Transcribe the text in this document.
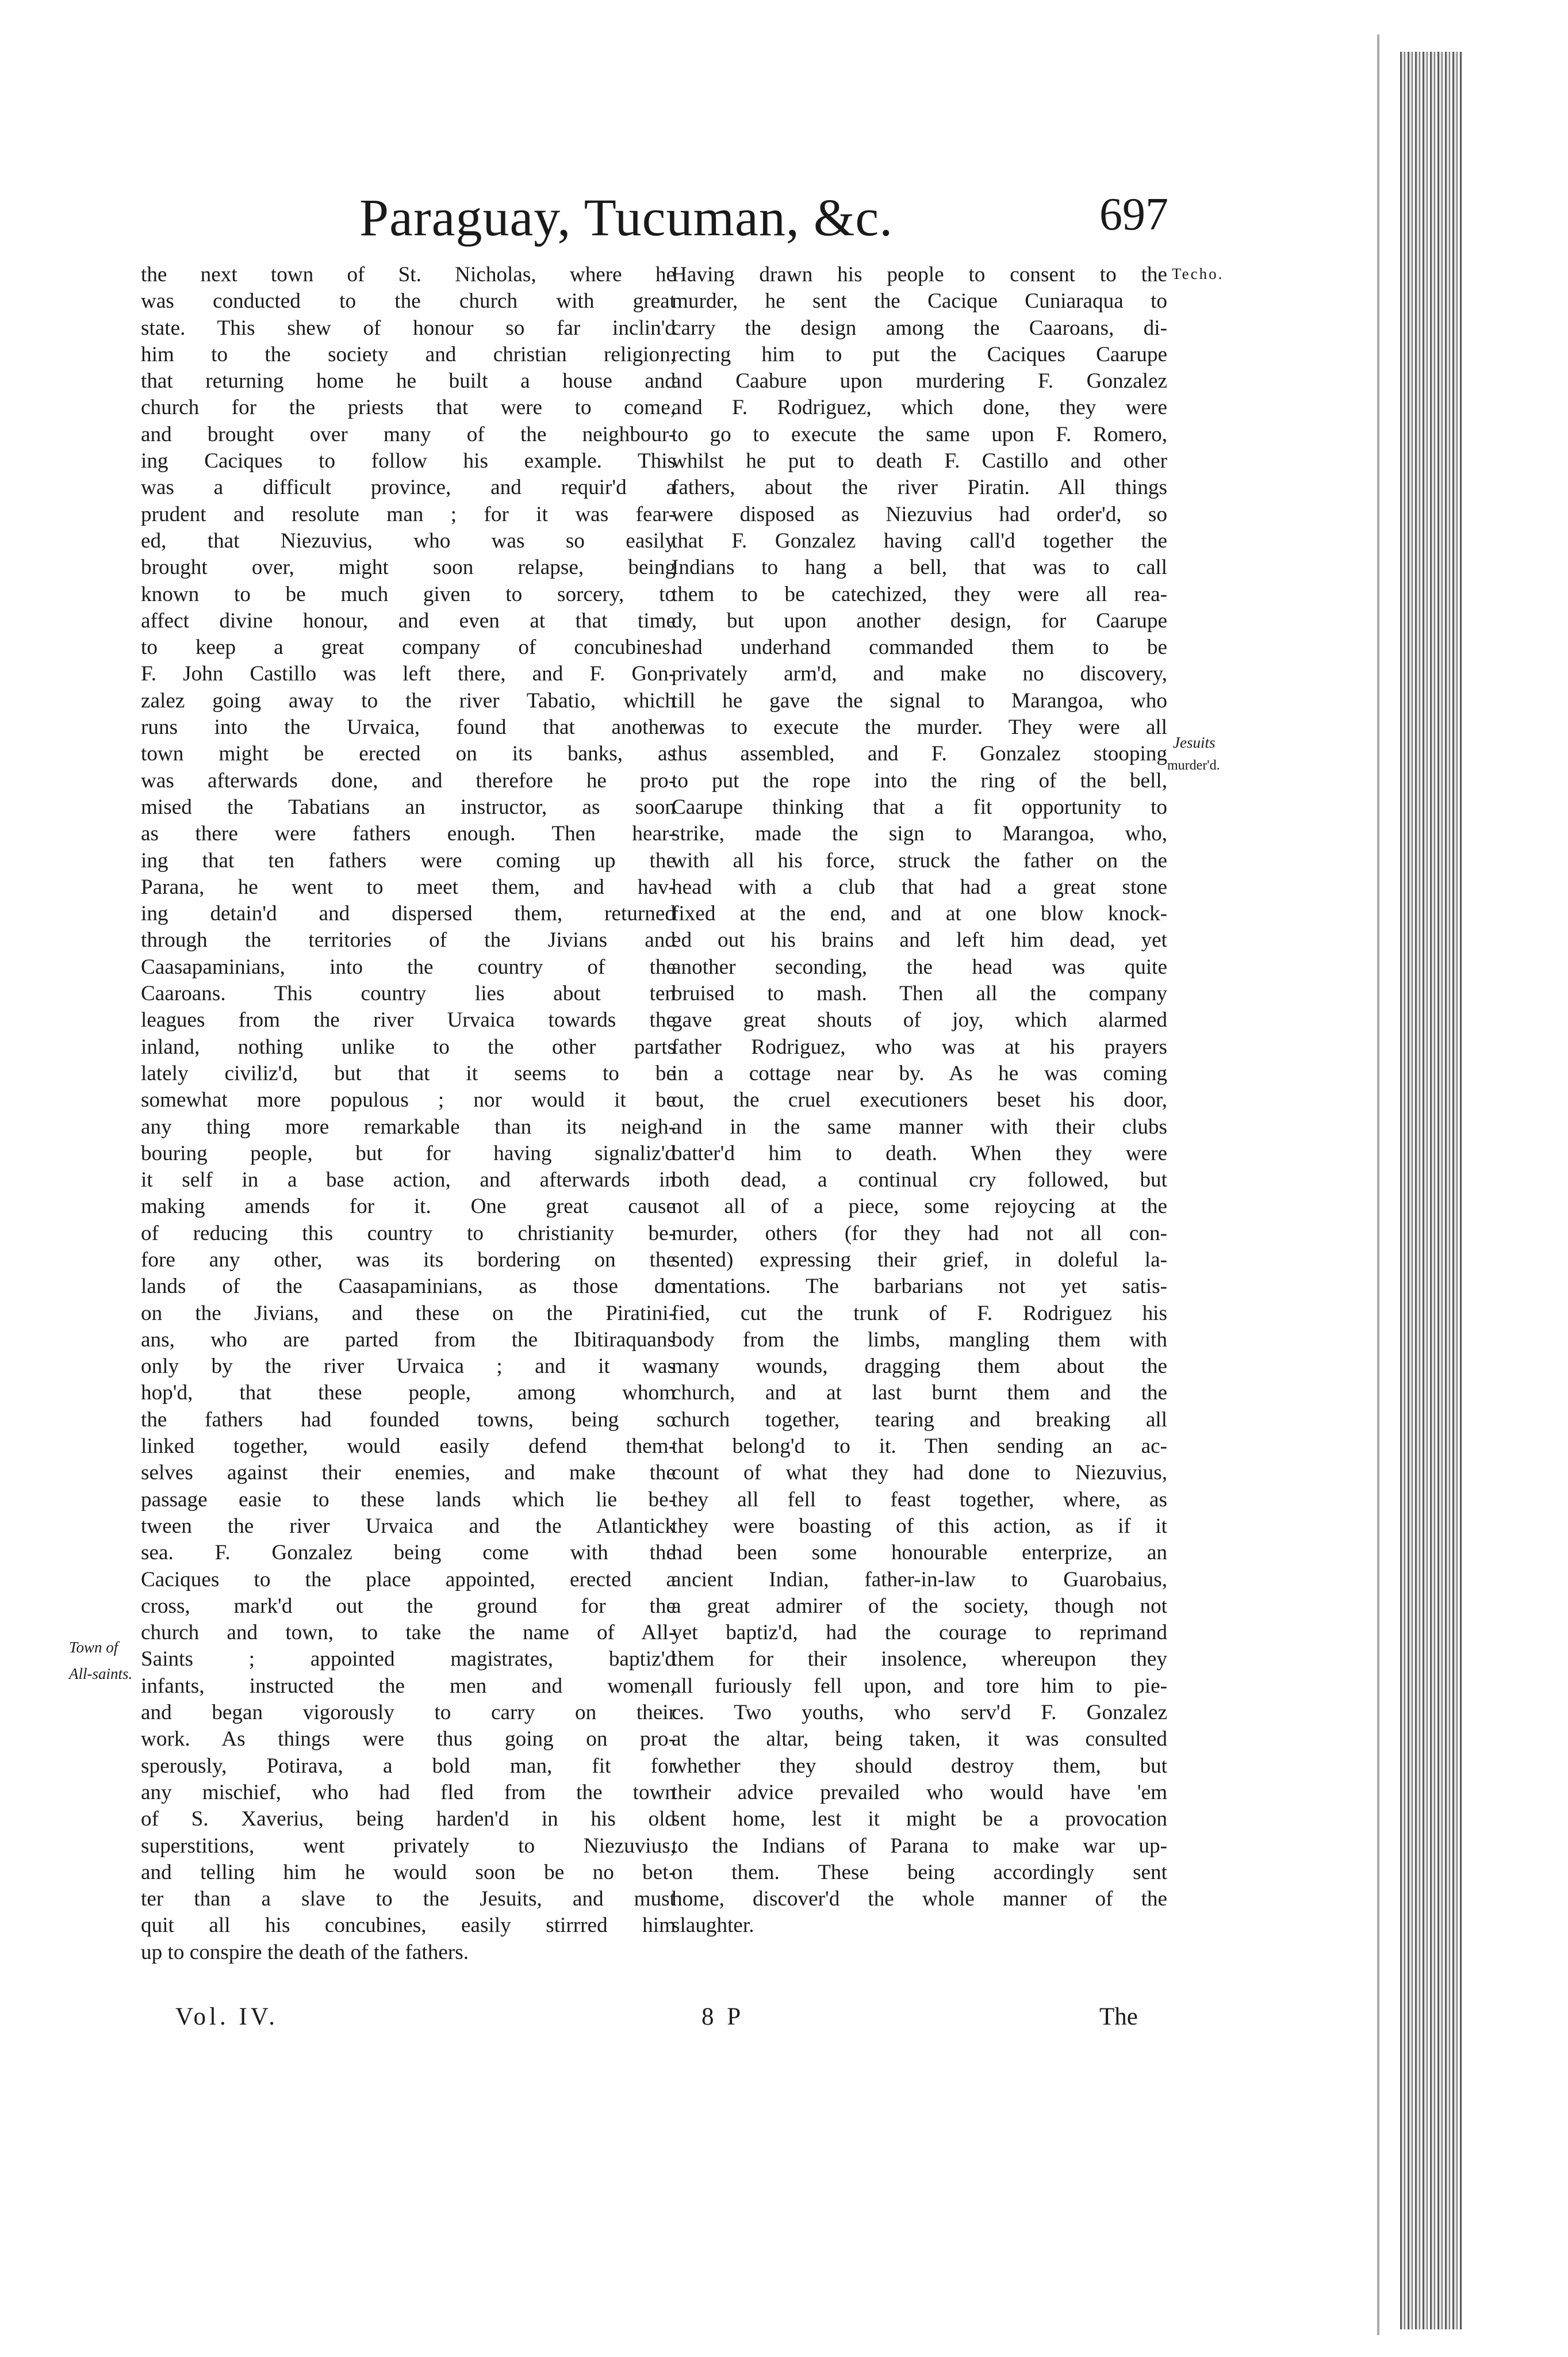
Paraguay, Tucuman, &c.	697

the next town of St. Nicholas, where he

was conducted to the church with great

state. This shew of honour so far inclin'd

him to the society and christian religion,

that returning home he built a house and

church for the priests that were to come,

and brought over many of the neighbour-

ing Caciques to follow his example. This

was a difficult province, and requir'd a

prudent and resolute man ; for it was fear-

ed, that Niezuvius, who was so easily

brought over, might soon relapse, being

known to be much given to sorcery, to

affect divine honour, and even at that time

to keep a great company of concubines.

F. John Castillo was left there, and F. Gon-

zalez going away to the river Tabatio, which

runs into the Urvaica, found that another

town might be erected on its banks, as

was afterwards done, and therefore he pro-

mised the Tabatians an instructor, as soon

as there were fathers enough. Then hear-

ing that ten fathers were coming up the

Parana, he went to meet them, and hav-

ing detain'd and dispersed them, returned

through the territories of the Jivians and

Caasapaminians, into the country of the

Caaroans. This country lies about ten

leagues from the river Urvaica towards the

inland, nothing unlike to the other parts

lately civiliz'd, but that it seems to be

somewhat more populous ; nor would it be

any thing more remarkable than its neigh-

bouring people, but for having signaliz'd

it self in a base action, and afterwards in

making amends for it. One great cause

of reducing this country to christianity be-

fore any other, was its bordering on the

lands of the Caasapaminians, as those do

on the Jivians, and these on the Piratini-

ans, who are parted from the Ibitiraquans

only by the river Urvaica ; and it was

hop'd, that these people, among whom

the fathers had founded towns, being so

linked together, would easily defend them-

selves against their enemies, and make the

passage easie to these lands which lie be-

tween the river Urvaica and the Atlantick

sea. F. Gonzalez being come with the

Caciques to the place appointed, erected a

cross, mark'd out the ground for the

church and town, to take the name of All-

Saints ; appointed magistrates, baptiz'd

infants, instructed the men and women,

and began vigorously to carry on their

work. As things were thus going on pro-

sperously, Potirava, a bold man, fit for

any mischief, who had fled from the town

of S. Xaverius, being harden'd in his old

superstitions, went privately to Niezuvius,

and telling him he would soon be no bet-

ter than a slave to the Jesuits, and must

quit all his concubines, easily stirrred him

up to conspire the death of the fathers.

Having drawn his people to consent to the

murder, he sent the Cacique Cuniaraqua to

carry the design among the Caaroans, di-

recting him to put the Caciques Caarupe

and Caabure upon murdering F. Gonzalez

and F. Rodriguez, which done, they were

to go to execute the same upon F. Romero,

whilst he put to death F. Castillo and other

fathers, about the river Piratin. All things

were disposed as Niezuvius had order'd, so

that F. Gonzalez having call'd together the

Indians to hang a bell, that was to call

them to be catechized, they were all rea-

dy, but upon another design, for Caarupe

had underhand commanded them to be

privately arm'd, and make no discovery,

till he gave the signal to Marangoa, who

was to execute the murder. They were all

thus assembled, and F. Gonzalez stooping

to put the rope into the ring of the bell,

Caarupe thinking that a fit opportunity to

strike, made the sign to Marangoa, who,

with all his force, struck the father on the

head with a club that had a great stone

fixed at the end, and at one blow knock-

ed out his brains and left him dead, yet

another seconding, the head was quite

bruised to mash. Then all the company

gave great shouts of joy, which alarmed

father Rodriguez, who was at his prayers

in a cottage near by. As he was coming

out, the cruel executioners beset his door,

and in the same manner with their clubs

batter'd him to death. When they were

both dead, a continual cry followed, but

not all of a piece, some rejoycing at the

murder, others (for they had not all con-

sented) expressing their grief, in doleful la-

mentations. The barbarians not yet satis-

fied, cut the trunk of F. Rodriguez his

body from the limbs, mangling them with

many wounds, dragging them about the

church, and at last burnt them and the

church together, tearing and breaking all

that belong'd to it. Then sending an ac-

count of what they had done to Niezuvius,

they all fell to feast together, where, as

they were boasting of this action, as if it

had been some honourable enterprize, an

ancient Indian, father-in-law to Guarobaius,

a great admirer of the society, though not

yet baptiz'd, had the courage to reprimand

them for their insolence, whereupon they

all furiously fell upon, and tore him to pie-

ces. Two youths, who serv'd F. Gonzalez

at the altar, being taken, it was consulted

whether they should destroy them, but

their advice prevailed who would have 'em

sent home, lest it might be a provocation

to the Indians of Parana to make war up-

on them. These being accordingly sent

home, discover'd the whole manner of the

slaughter.

Town of
All-saints.
Techo.
Jesuits
murder'd.
Vol. IV.	8 P	The
